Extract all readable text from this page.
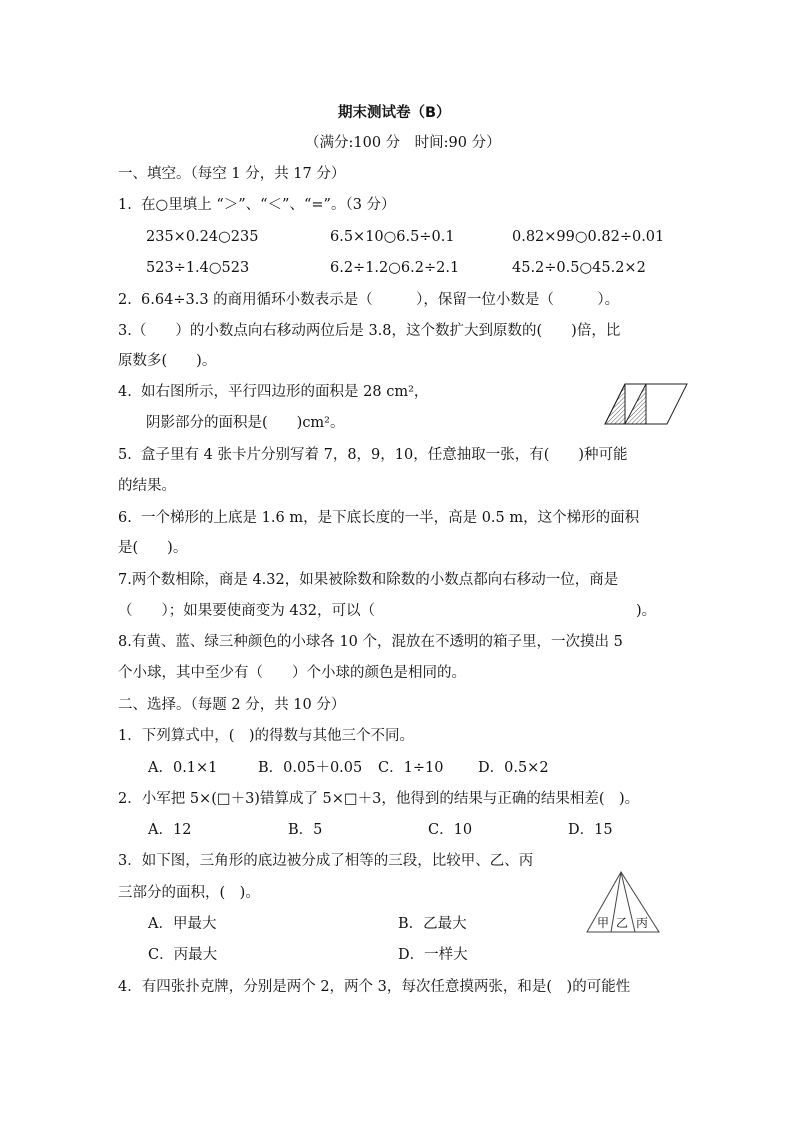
期末测试卷（B）
（满分:100 分　时间:90 分）
一、填空。（每空 1 分，共 17 分）
1.  在○里填上 “＞”、“＜”、“=”。（3 分）
235×0.24○235	6.5×10○6.5÷0.1	0.82×99○0.82÷0.01
523÷1.4○523	6.2÷1.2○6.2÷2.1	45.2÷0.5○45.2×2
2.  6.64÷3.3 的商用循环小数表示是（　　　），保留一位小数是（　　　）。
3.（　　）的小数点向右移动两位后是 3.8，这个数扩大到原数的(　　)倍，比
原数多(　　)。
4.  如右图所示，平行四边形的面积是 28 cm²，
阴影部分的面积是(　　)cm²。
5.  盒子里有 4 张卡片分别写着 7，8，9，10，任意抽取一张，有(　　)种可能
的结果。
6.  一个梯形的上底是 1.6 m，是下底长度的一半，高是 0.5 m，这个梯形的面积
是(　　)。
7.两个数相除，商是 4.32，如果被除数和除数的小数点都向右移动一位，商是
（　　）；如果要使商变为 432，可以（	)。
8.有黄、蓝、绿三种颜色的小球各 10 个，混放在不透明的箱子里，一次摸出 5
个小球，其中至少有（　　）个小球的颜色是相同的。
二、选择。（每题 2 分，共 10 分）
1．下列算式中，(　)的得数与其他三个不同。
A．0.1×1	B．0.05＋0.05 C．1÷10 D．0.5×2
2．小军把 5×(□＋3)错算成了 5×□＋3，他得到的结果与正确的结果相差(　)。
A．12	B．5	C．10	D．15
3．如下图，三角形的底边被分成了相等的三段，比较甲、乙、丙
三部分的面积，(　)。
A．甲最大	B．乙最大
C．丙最大	D．一样大
甲 乙 丙
4．有四张扑克牌，分别是两个 2，两个 3，每次任意摸两张，和是(　)的可能性
